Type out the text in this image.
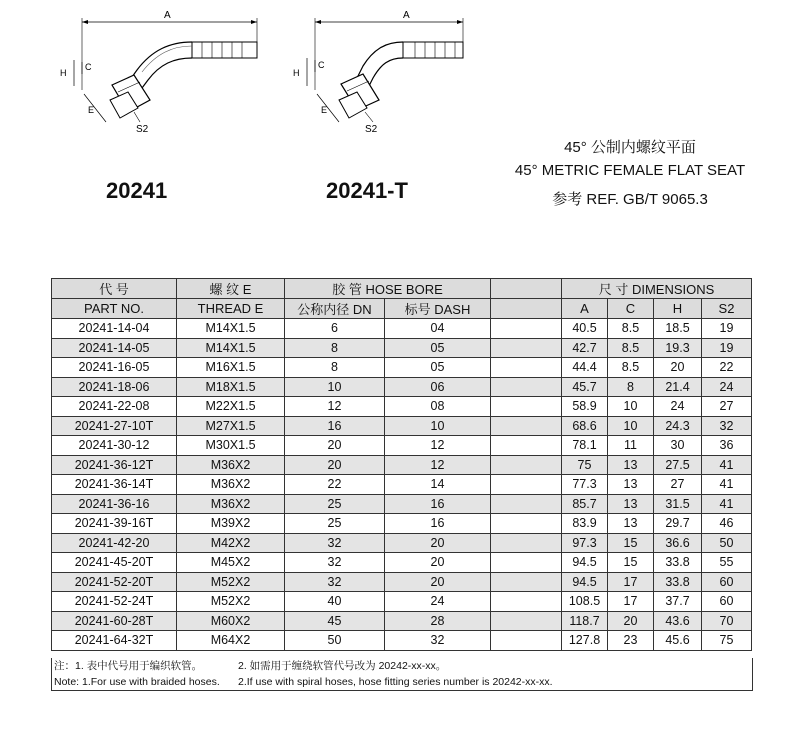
A
H
C
E
S2
A
H
C
E
S2
20241	20241-T
45° 公制内螺纹平面
45° METRIC FEMALE FLAT SEAT
参考 REF. GB/T 9065.3
代 号	螺 纹 E	胶 管 HOSE BORE			尺 寸 DIMENSIONS			
PART NO.	THREAD E	公称内径 DN	标号 DASH		A	C	H	S2
20241-14-04	M14X1.5	6	04		40.5	8.5	18.5	19
20241-14-05	M14X1.5	8	05		42.7	8.5	19.3	19
20241-16-05	M16X1.5	8	05		44.4	8.5	20	22
20241-18-06	M18X1.5	10	06		45.7	8	21.4	24
20241-22-08	M22X1.5	12	08		58.9	10	24	27
20241-27-10T	M27X1.5	16	10		68.6	10	24.3	32
20241-30-12	M30X1.5	20	12		78.1	11	30	36
20241-36-12T	M36X2	20	12		75	13	27.5	41
20241-36-14T	M36X2	22	14		77.3	13	27	41
20241-36-16	M36X2	25	16		85.7	13	31.5	41
20241-39-16T	M39X2	25	16		83.9	13	29.7	46
20241-42-20	M42X2	32	20		97.3	15	36.6	50
20241-45-20T	M45X2	32	20		94.5	15	33.8	55
20241-52-20T	M52X2	32	20		94.5	17	33.8	60
20241-52-24T	M52X2	40	24		108.5	17	37.7	60
20241-60-28T	M60X2	45	28		118.7	20	43.6	70
20241-64-32T	M64X2	50	32		127.8	23	45.6	75
注：1. 表中代号用于编织软管。	2. 如需用于缠绕软管代号改为 20242-xx-xx。
Note: 1.For use with braided hoses. 2.If use with spiral hoses, hose fitting series number is 20242-xx-xx.
